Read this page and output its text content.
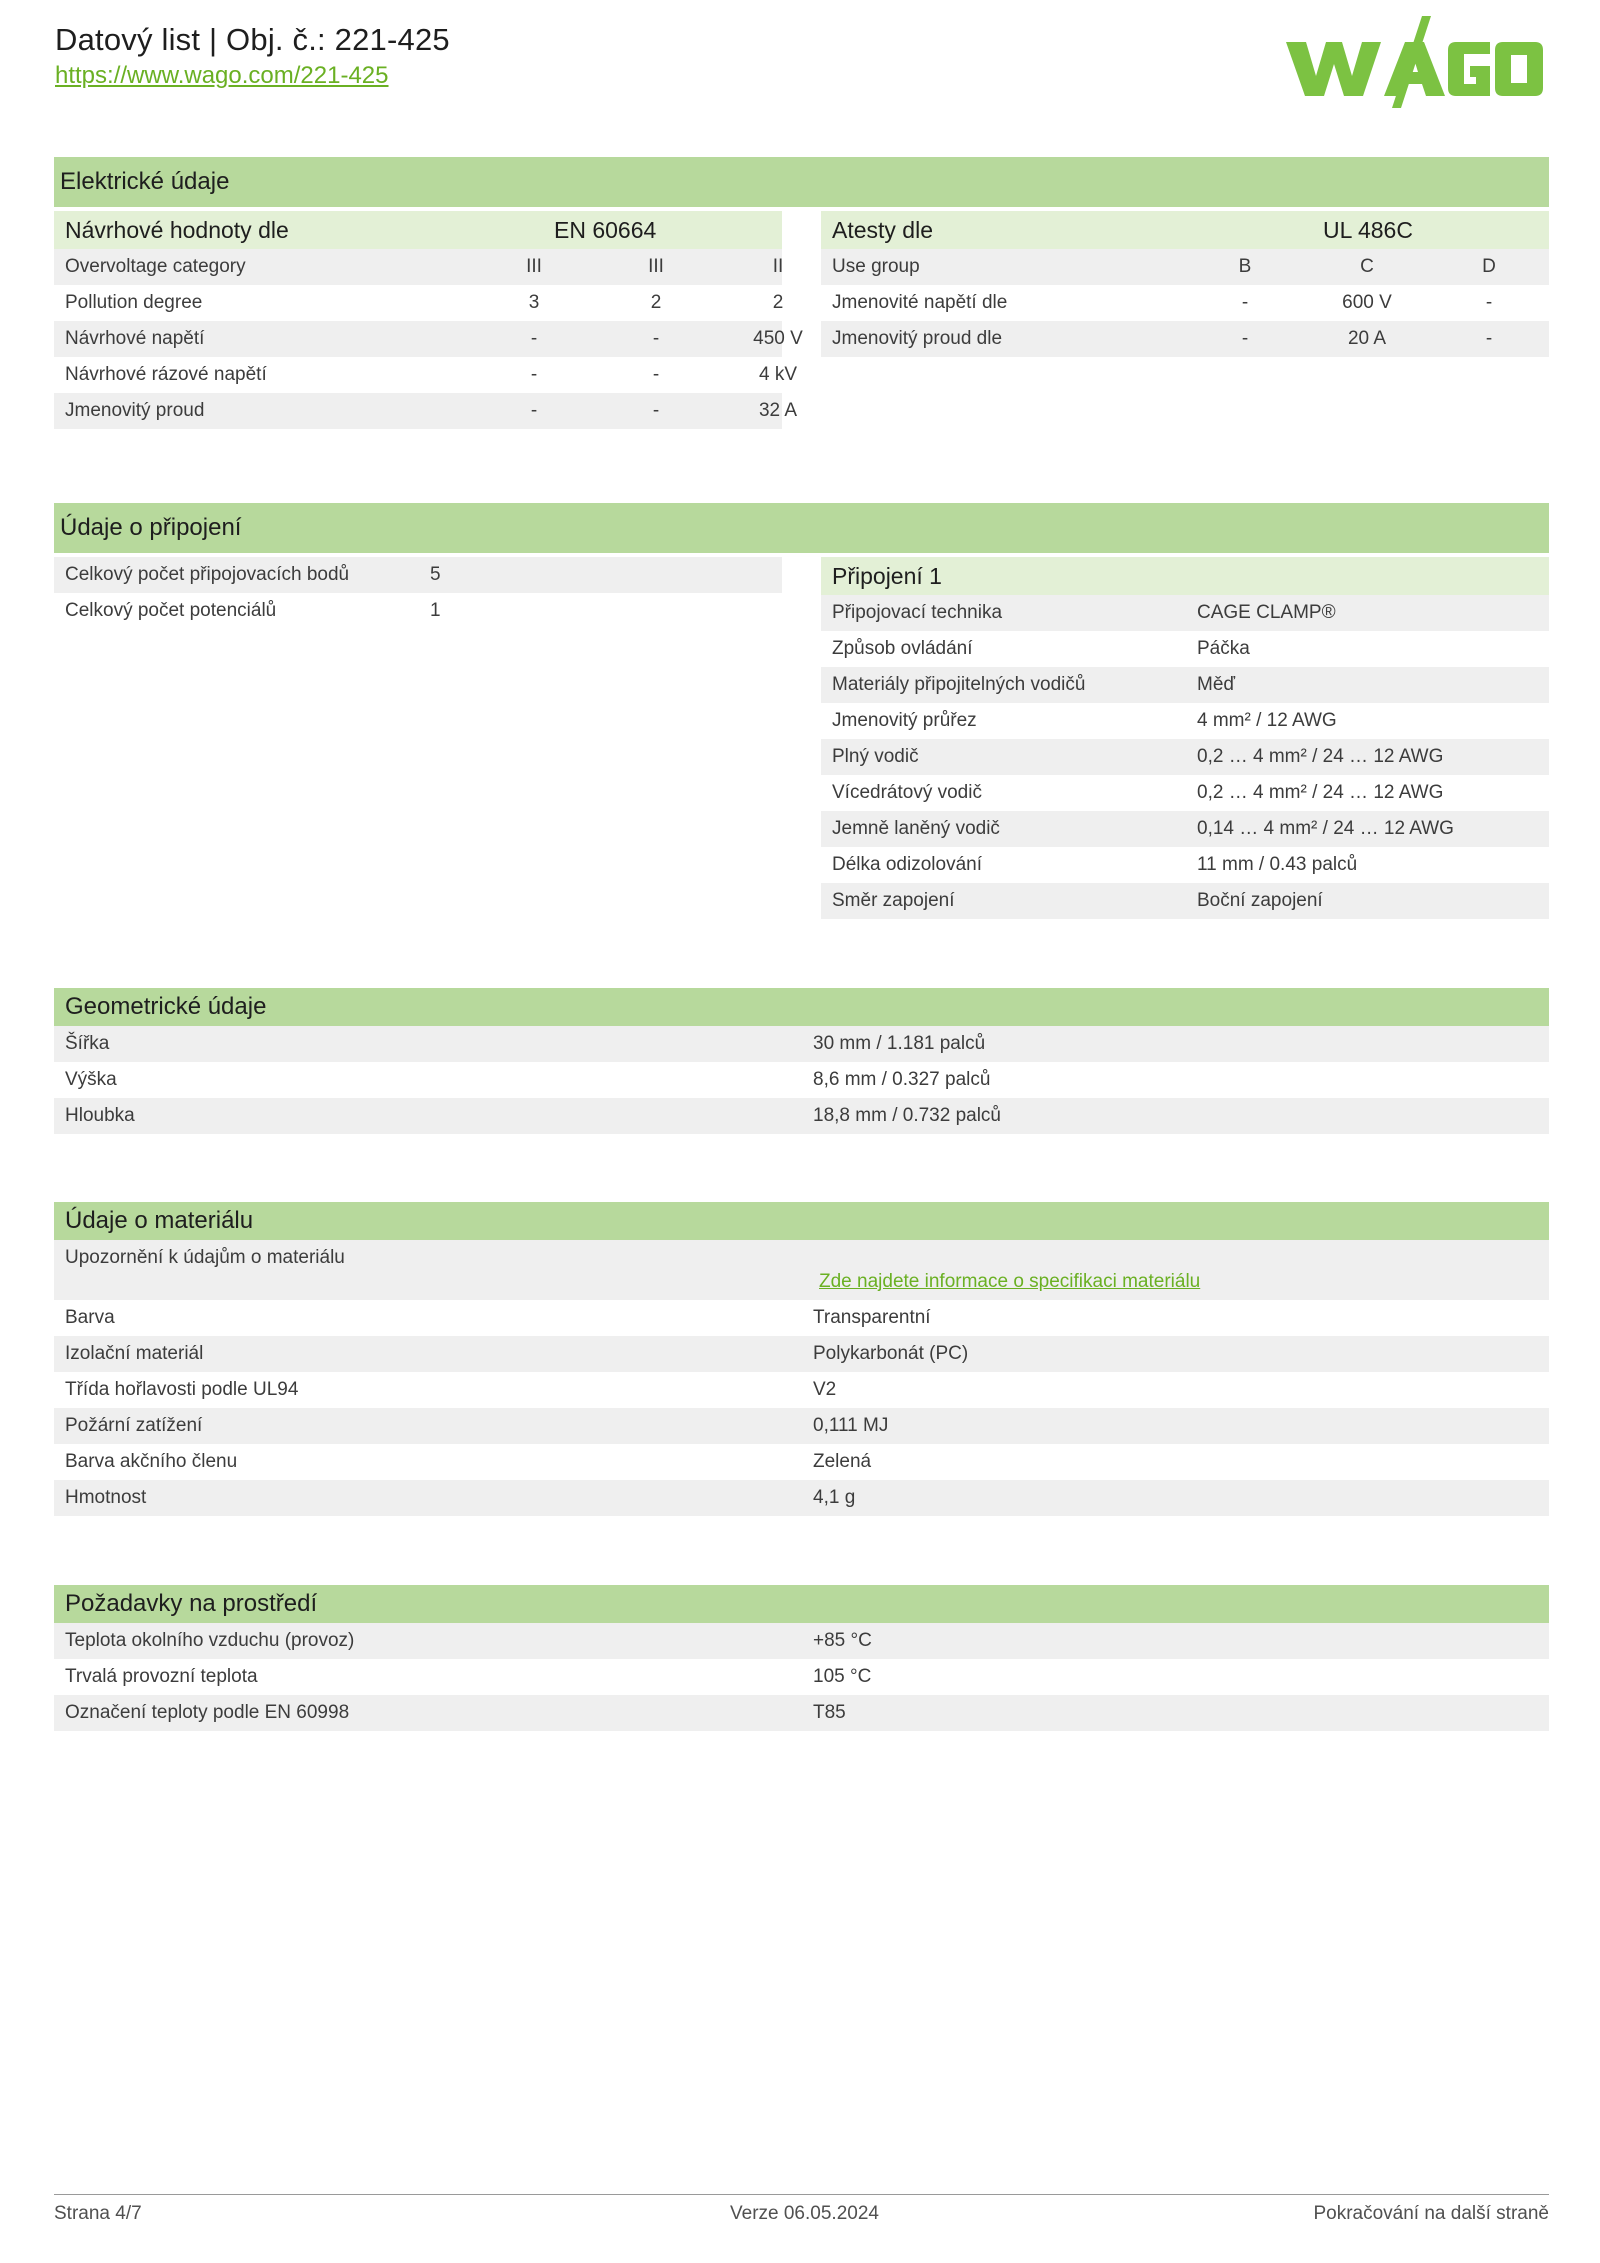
Datový list | Obj. č.: 221-425
https://www.wago.com/221-425
Elektrické údaje
Návrhové hodnoty dle	EN 60664
Overvoltage category	III	III	II
Pollution degree	3	2	2
Návrhové napětí	-	-	450 V
Návrhové rázové napětí	-	-	4 kV
Jmenovitý proud	-	-	32 A
Atesty dle	UL 486C
Use group	B	C	D
Jmenovité napětí dle	-	600 V	-
Jmenovitý proud dle	-	20 A	-
Údaje o připojení
Celkový počet připojovacích bodů	5
Celkový počet potenciálů	1
Připojení 1
Připojovací technika	CAGE CLAMP®
Způsob ovládání	Páčka
Materiály připojitelných vodičů	Měď
Jmenovitý průřez	4 mm² / 12 AWG
Plný vodič	0,2 … 4 mm² / 24 … 12 AWG
Vícedrátový vodič	0,2 … 4 mm² / 24 … 12 AWG
Jemně laněný vodič	0,14 … 4 mm² / 24 … 12 AWG
Délka odizolování	11 mm / 0.43 palců
Směr zapojení	Boční zapojení
Geometrické údaje
Šířka	30 mm / 1.181 palců
Výška	8,6 mm / 0.327 palců
Hloubka	18,8 mm / 0.732 palců
Údaje o materiálu
Upozornění k údajům o materiálu
Zde najdete informace o specifikaci materiálu
Barva	Transparentní
Izolační materiál	Polykarbonát (PC)
Třída hořlavosti podle UL94	V2
Požární zatížení	0,111 MJ
Barva akčního členu	Zelená
Hmotnost	4,1 g
Požadavky na prostředí
Teplota okolního vzduchu (provoz)	+85 °C
Trvalá provozní teplota	105 °C
Označení teploty podle EN 60998	T85
Strana 4/7	Verze 06.05.2024	Pokračování na další straně
